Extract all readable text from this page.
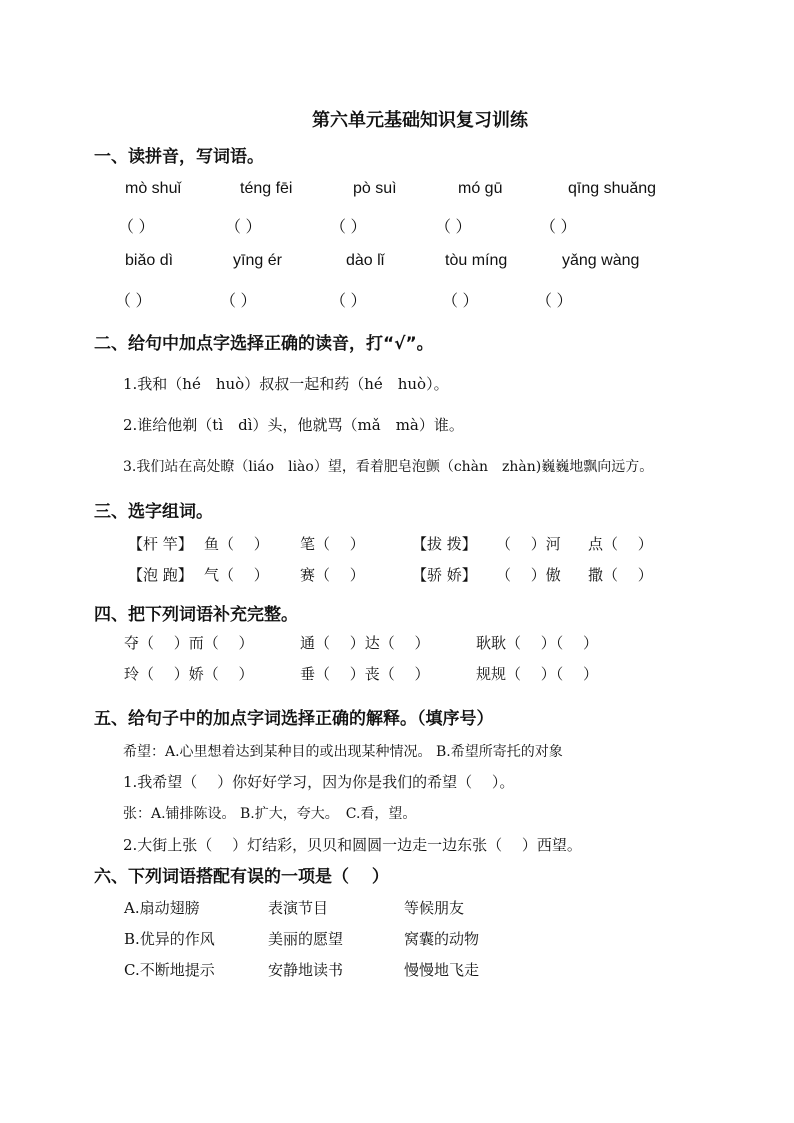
第六单元基础知识复习训练
一、读拼音，写词语。
mò shuǐ	téng fēi	pò suì	mó gū	qīng shuǎng
（ ）	（ ）	（ ）	（ ）	（ ）
biǎo dì	yīng ér	dào lǐ	tòu míng	yǎng wàng
（ ）	（ ）	（ ）	（ ）	（ ）
二、给句中加点字选择正确的读音，打“√”。
1.我和（hé　huò）叔叔一起和药（hé　huò）。
2.谁给他剃（tì　dì）头，他就骂（mǎ　mà）谁。
3.我们站在高处瞭（liáo　liào）望，看着肥皂泡颤（chàn　zhàn)巍巍地飘向远方。
三、选字组词。
【杆 竿】 鱼（　 ） 笔（　 ）	【拔 拨】 （　 ）河 点（　 ）
【泡 跑】 气（　 ） 赛（　 ）	【骄 娇】 （　 ）傲 撒（　 ）
四、把下列词语补充完整。
夺（　 ）而（　 ）	通（　 ）达（　 ）	耿耿（　 ）（　 ）
玲（　 ）娇（　 ）	垂（　 ）丧（　 ）	规规（　 ）（　 ）
五、给句子中的加点字词选择正确的解释。（填序号）
希望：A.心里想着达到某种目的或出现某种情况。 B.希望所寄托的对象
1.我希望（　 ）你好好学习，因为你是我们的希望（　 ）。
张：A.铺排陈设。 B.扩大，夸大。　C.看，望。
2.大街上张（　 ）灯结彩，贝贝和圆圆一边走一边东张（　 ）西望。
六、下列词语搭配有误的一项是（　 ）
A.扇动翅膀	表演节目	等候朋友
B.优异的作风	美丽的愿望	窝囊的动物
C.不断地提示	安静地读书	慢慢地飞走
